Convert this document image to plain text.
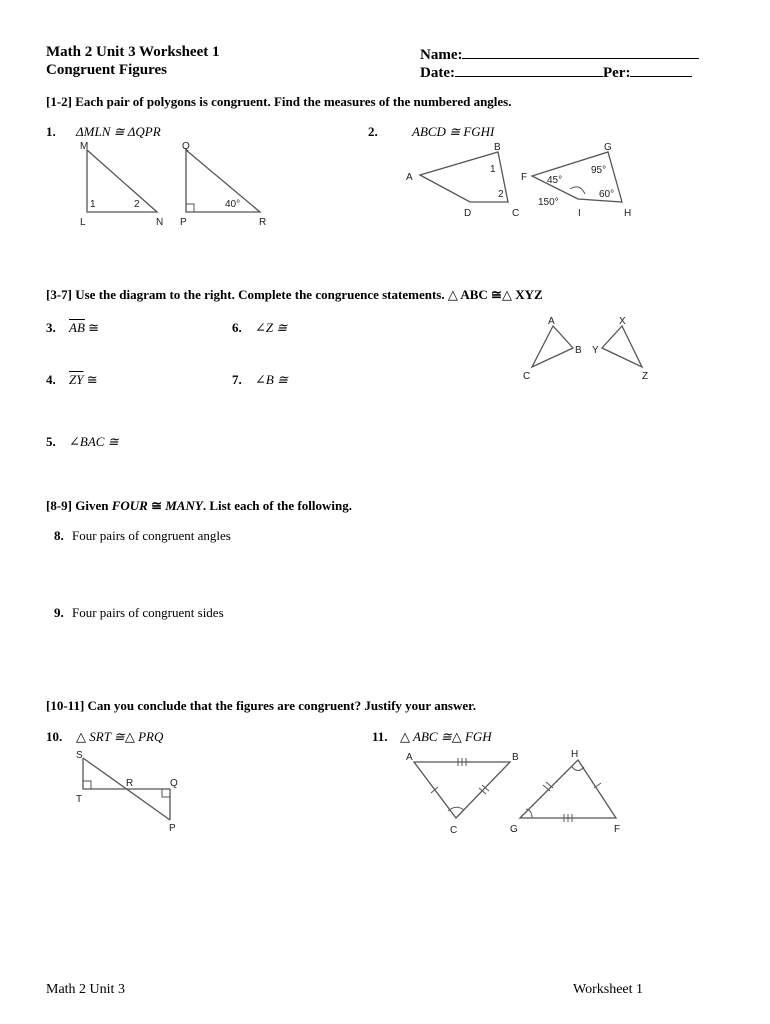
Math 2 Unit 3 Worksheet 1
Congruent Figures
Name:
Date:	Per:
[1-2] Each pair of polygons is congruent. Find the measures of the numbered angles.
1. ΔMLN ≅ ΔQPR	2.	ABCD ≅ FGHI
M
L	N
1	2
Q
P	R
40°
A
B
C
D
1
2
F
G
H
I
45°
95°
60°
150°
[3-7] Use the diagram to the right. Complete the congruence statements. △ ABC ≅△ XYZ
3. $\overline{AB}$ ≅
4. $\overline{ZY}$ ≅
5. ∠BAC ≅
6. ∠Z ≅
7. ∠B ≅
A
B
C
X
Y
Z
[8-9] Given FOUR ≅ MANY. List each of the following.
8. Four pairs of congruent angles
9. Four pairs of congruent sides
[10-11] Can you conclude that the figures are congruent? Justify your answer.
10. △ SRT ≅△ PRQ	11. △ ABC ≅△ FGH
S
T
R	Q
P
A	B
C
H
G	F
Math 2 Unit 3	Worksheet 1
